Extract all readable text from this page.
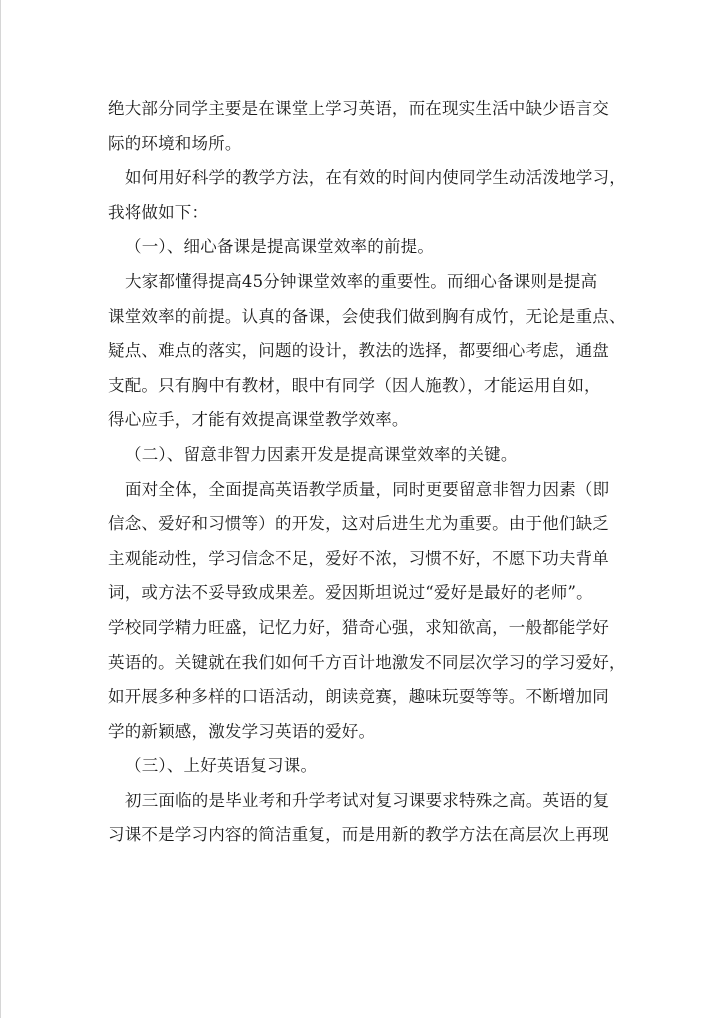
绝大部分同学主要是在课堂上学习英语，而在现实生活中缺少语言交
际的环境和场所。
如何用好科学的教学方法，在有效的时间内使同学生动活泼地学习，
我将做如下：
（一）、细心备课是提高课堂效率的前提。
大家都懂得提高45分钟课堂效率的重要性。而细心备课则是提高
课堂效率的前提。认真的备课，会使我们做到胸有成竹，无论是重点、
疑点、难点的落实，问题的设计，教法的选择，都要细心考虑，通盘
支配。只有胸中有教材，眼中有同学（因人施教），才能运用自如，
得心应手，才能有效提高课堂教学效率。
（二）、留意非智力因素开发是提高课堂效率的关键。
面对全体，全面提高英语教学质量，同时更要留意非智力因素（即
信念、爱好和习惯等）的开发，这对后进生尤为重要。由于他们缺乏
主观能动性，学习信念不足，爱好不浓，习惯不好，不愿下功夫背单
词，或方法不妥导致成果差。爱因斯坦说过“爱好是最好的老师”。
学校同学精力旺盛，记忆力好，猎奇心强，求知欲高，一般都能学好
英语的。关键就在我们如何千方百计地激发不同层次学习的学习爱好，
如开展多种多样的口语活动，朗读竞赛，趣味玩耍等等。不断增加同
学的新颖感，激发学习英语的爱好。
（三）、上好英语复习课。
初三面临的是毕业考和升学考试对复习课要求特殊之高。英语的复
习课不是学习内容的简洁重复，而是用新的教学方法在高层次上再现
